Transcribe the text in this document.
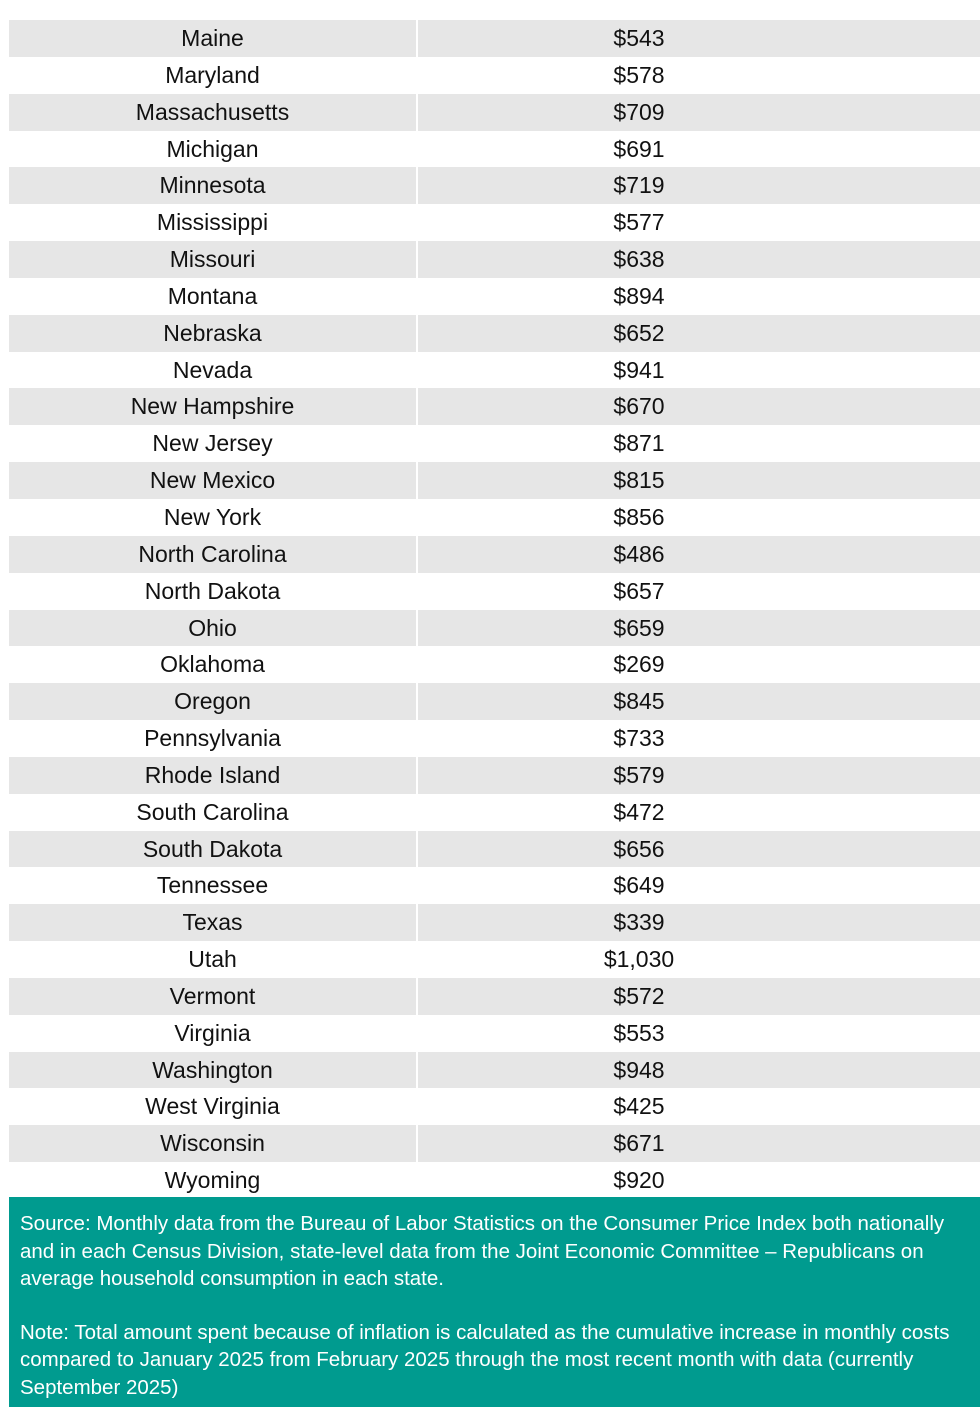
Maine	$543
Maryland	$578
Massachusetts	$709
Michigan	$691
Minnesota	$719
Mississippi	$577
Missouri	$638
Montana	$894
Nebraska	$652
Nevada	$941
New Hampshire	$670
New Jersey	$871
New Mexico	$815
New York	$856
North Carolina	$486
North Dakota	$657
Ohio	$659
Oklahoma	$269
Oregon	$845
Pennsylvania	$733
Rhode Island	$579
South Carolina	$472
South Dakota	$656
Tennessee	$649
Texas	$339
Utah	$1,030
Vermont	$572
Virginia	$553
Washington	$948
West Virginia	$425
Wisconsin	$671
Wyoming	$920

Source: Monthly data from the Bureau of Labor Statistics on the Consumer Price Index both nationally and in each Census Division, state-level data from the Joint Economic Committee – Republicans on average household consumption in each state.

Note: Total amount spent because of inflation is calculated as the cumulative increase in monthly costs compared to January 2025 from February 2025 through the most recent month with data (currently September 2025)
